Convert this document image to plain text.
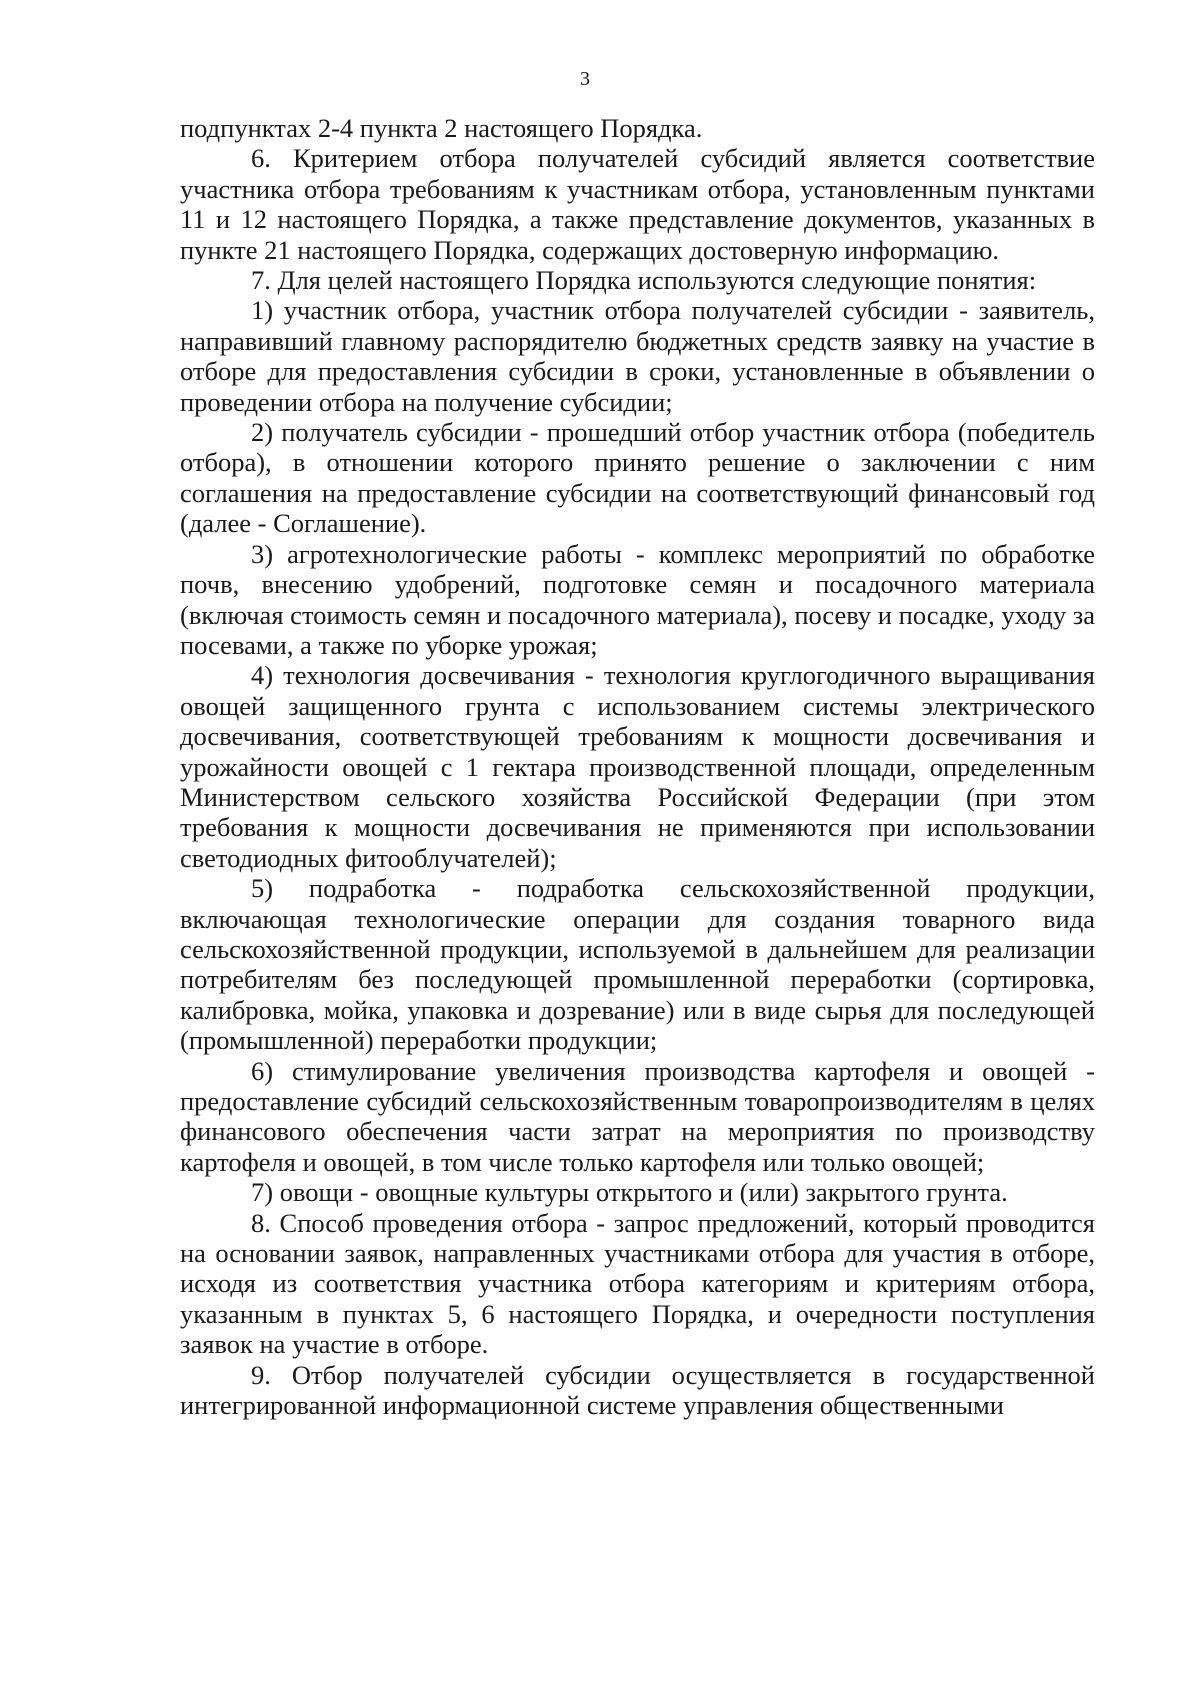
3

подпунктах 2-4 пункта 2 настоящего Порядка.

6. Критерием отбора получателей субсидий является соответствие участника отбора требованиям к участникам отбора, установленным пунктами 11 и 12 настоящего Порядка, а также представление документов, указанных в пункте 21 настоящего Порядка, содержащих достоверную информацию.

7. Для целей настоящего Порядка используются следующие понятия:

1) участник отбора, участник отбора получателей субсидии - заявитель, направивший главному распорядителю бюджетных средств заявку на участие в отборе для предоставления субсидии в сроки, установленные в объявлении о проведении отбора на получение субсидии;

2) получатель субсидии - прошедший отбор участник отбора (победитель отбора), в отношении которого принято решение о заключении с ним соглашения на предоставление субсидии на соответствующий финансовый год (далее - Соглашение).

3) агротехнологические работы - комплекс мероприятий по обработке почв, внесению удобрений, подготовке семян и посадочного материала (включая стоимость семян и посадочного материала), посеву и посадке, уходу за посевами, а также по уборке урожая;

4) технология досвечивания - технология круглогодичного выращивания овощей защищенного грунта с использованием системы электрического досвечивания, соответствующей требованиям к мощности досвечивания и урожайности овощей с 1 гектара производственной площади, определенным Министерством сельского хозяйства Российской Федерации (при этом требования к мощности досвечивания не применяются при использовании светодиодных фитооблучателей);

5) подработка - подработка сельскохозяйственной продукции, включающая технологические операции для создания товарного вида сельскохозяйственной продукции, используемой в дальнейшем для реализации потребителям без последующей промышленной переработки (сортировка, калибровка, мойка, упаковка и дозревание) или в виде сырья для последующей (промышленной) переработки продукции;

6) стимулирование увеличения производства картофеля и овощей - предоставление субсидий сельскохозяйственным товаропроизводителям в целях финансового обеспечения части затрат на мероприятия по производству картофеля и овощей, в том числе только картофеля или только овощей;

7) овощи - овощные культуры открытого и (или) закрытого грунта.

8. Способ проведения отбора - запрос предложений, который проводится на основании заявок, направленных участниками отбора для участия в отборе, исходя из соответствия участника отбора категориям и критериям отбора, указанным в пунктах 5, 6 настоящего Порядка, и очередности поступления заявок на участие в отборе.

9. Отбор получателей субсидии осуществляется в государственной интегрированной информационной системе управления общественными
